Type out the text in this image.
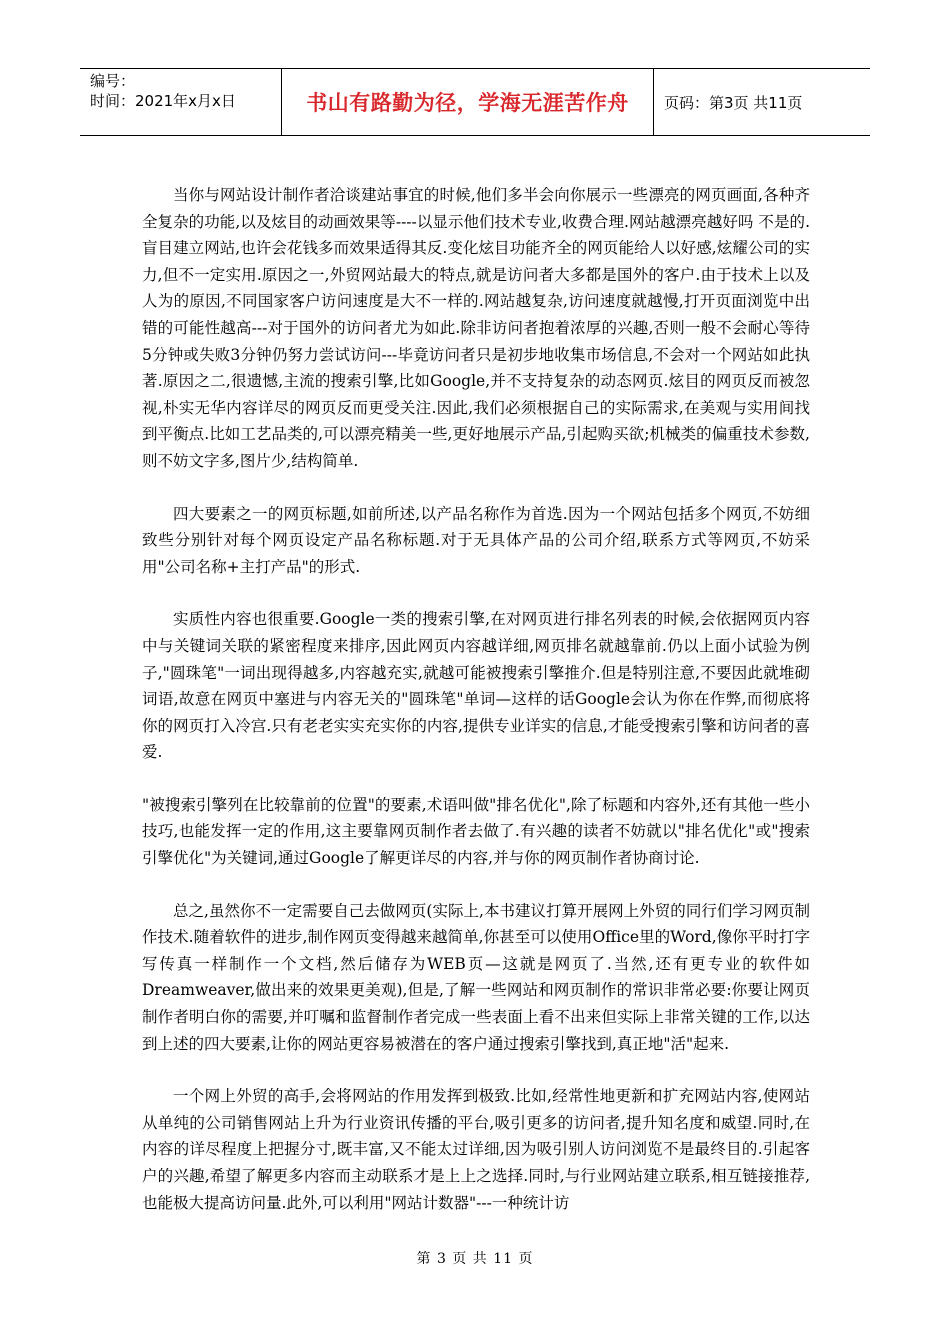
编号：
时间：2021年x月x日	书山有路勤为径，学海无涯苦作舟	页码：第3页 共11页

当你与网站设计制作者洽谈建站事宜的时候,他们多半会向你展示一些漂亮的网页画面,各种齐全复杂的功能,以及炫目的动画效果等----以显示他们技术专业,收费合理.网站越漂亮越好吗 不是的.盲目建立网站,也许会花钱多而效果适得其反.变化炫目功能齐全的网页能给人以好感,炫耀公司的实力,但不一定实用.原因之一,外贸网站最大的特点,就是访问者大多都是国外的客户.由于技术上以及人为的原因,不同国家客户访问速度是大不一样的.网站越复杂,访问速度就越慢,打开页面浏览中出错的可能性越高---对于国外的访问者尤为如此.除非访问者抱着浓厚的兴趣,否则一般不会耐心等待5分钟或失败3分钟仍努力尝试访问---毕竟访问者只是初步地收集市场信息,不会对一个网站如此执著.原因之二,很遗憾,主流的搜索引擎,比如Google,并不支持复杂的动态网页.炫目的网页反而被忽视,朴实无华内容详尽的网页反而更受关注.因此,我们必须根据自己的实际需求,在美观与实用间找到平衡点.比如工艺品类的,可以漂亮精美一些,更好地展示产品,引起购买欲;机械类的偏重技术参数,则不妨文字多,图片少,结构简单.

四大要素之一的网页标题,如前所述,以产品名称作为首选.因为一个网站包括多个网页,不妨细致些分别针对每个网页设定产品名称标题.对于无具体产品的公司介绍,联系方式等网页,不妨采用"公司名称+主打产品"的形式.

实质性内容也很重要.Google一类的搜索引擎,在对网页进行排名列表的时候,会依据网页内容中与关键词关联的紧密程度来排序,因此网页内容越详细,网页排名就越靠前.仍以上面小试验为例子,"圆珠笔"一词出现得越多,内容越充实,就越可能被搜索引擎推介.但是特别注意,不要因此就堆砌词语,故意在网页中塞进与内容无关的"圆珠笔"单词—这样的话Google会认为你在作弊,而彻底将你的网页打入冷宫.只有老老实实充实你的内容,提供专业详实的信息,才能受搜索引擎和访问者的喜爱.

"被搜索引擎列在比较靠前的位置"的要素,术语叫做"排名优化",除了标题和内容外,还有其他一些小技巧,也能发挥一定的作用,这主要靠网页制作者去做了.有兴趣的读者不妨就以"排名优化"或"搜索引擎优化"为关键词,通过Google了解更详尽的内容,并与你的网页制作者协商讨论.

总之,虽然你不一定需要自己去做网页(实际上,本书建议打算开展网上外贸的同行们学习网页制作技术.随着软件的进步,制作网页变得越来越简单,你甚至可以使用Office里的Word,像你平时打字写传真一样制作一个文档,然后储存为WEB页—这就是网页了.当然,还有更专业的软件如Dreamweaver,做出来的效果更美观),但是,了解一些网站和网页制作的常识非常必要:你要让网页制作者明白你的需要,并叮嘱和监督制作者完成一些表面上看不出来但实际上非常关键的工作,以达到上述的四大要素,让你的网站更容易被潜在的客户通过搜索引擎找到,真正地"活"起来.

一个网上外贸的高手,会将网站的作用发挥到极致.比如,经常性地更新和扩充网站内容,使网站从单纯的公司销售网站上升为行业资讯传播的平台,吸引更多的访问者,提升知名度和威望.同时,在内容的详尽程度上把握分寸,既丰富,又不能太过详细,因为吸引别人访问浏览不是最终目的.引起客户的兴趣,希望了解更多内容而主动联系才是上上之选择.同时,与行业网站建立联系,相互链接推荐,也能极大提高访问量.此外,可以利用"网站计数器"---一种统计访

第 3 页 共 11 页
